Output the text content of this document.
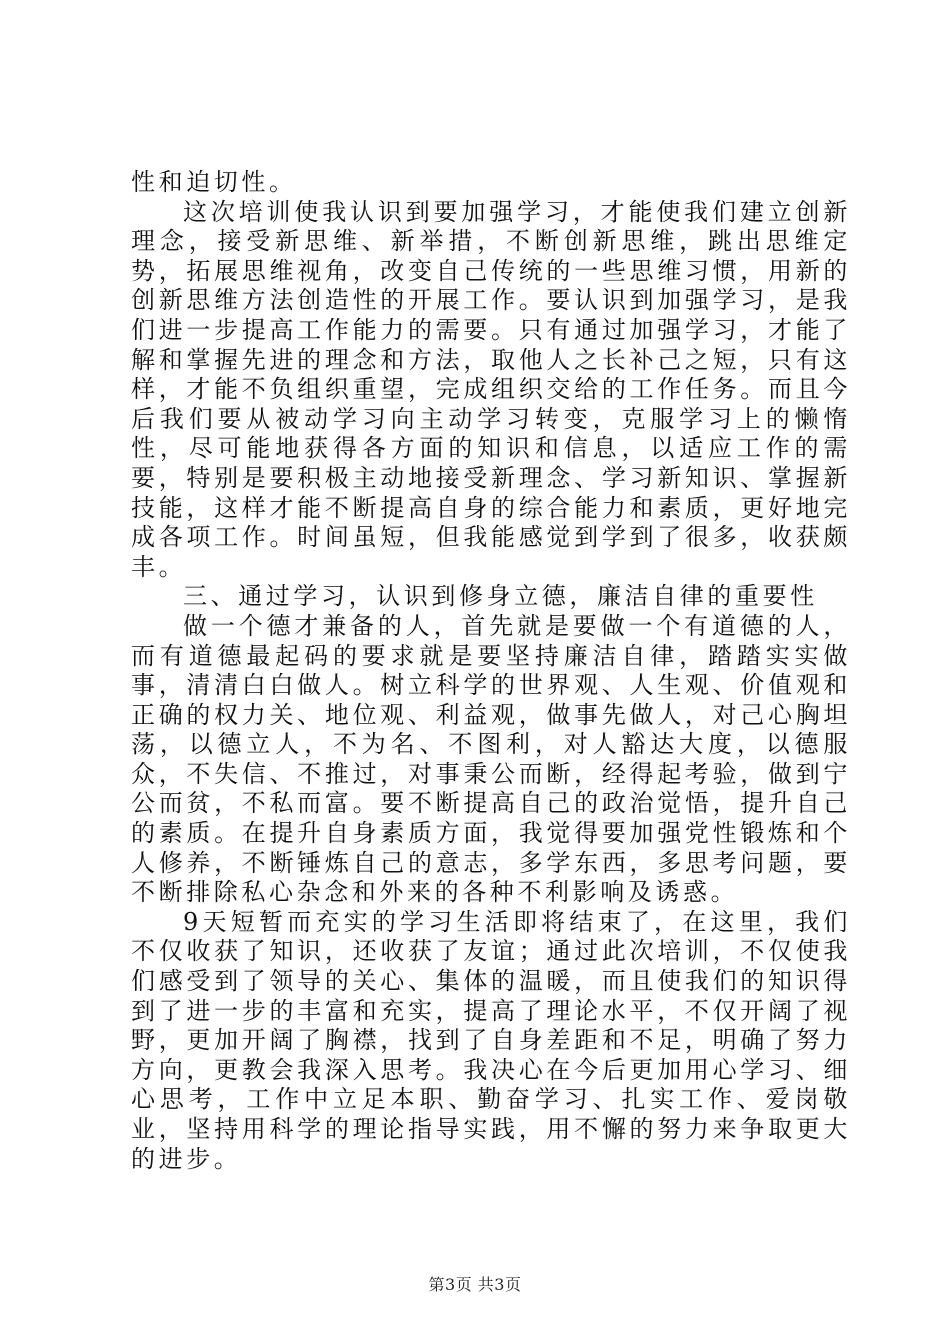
性和迫切性。

这次培训使我认识到要加强学习，才能使我们建立创新理念，接受新思维、新举措，不断创新思维，跳出思维定势，拓展思维视角，改变自己传统的一些思维习惯，用新的创新思维方法创造性的开展工作。要认识到加强学习，是我们进一步提高工作能力的需要。只有通过加强学习，才能了解和掌握先进的理念和方法，取他人之长补己之短，只有这样，才能不负组织重望，完成组织交给的工作任务。而且今后我们要从被动学习向主动学习转变，克服学习上的懒惰性，尽可能地获得各方面的知识和信息，以适应工作的需要，特别是要积极主动地接受新理念、学习新知识、掌握新技能，这样才能不断提高自身的综合能力和素质，更好地完成各项工作。时间虽短，但我能感觉到学到了很多，收获颇丰。

三、通过学习，认识到修身立德，廉洁自律的重要性

做一个德才兼备的人，首先就是要做一个有道德的人，而有道德最起码的要求就是要坚持廉洁自律，踏踏实实做事，清清白白做人。树立科学的世界观、人生观、价值观和正确的权力关、地位观、利益观，做事先做人，对己心胸坦荡，以德立人，不为名、不图利，对人豁达大度，以德服众，不失信、不推过，对事秉公而断，经得起考验，做到宁公而贫，不私而富。要不断提高自己的政治觉悟，提升自己的素质。在提升自身素质方面，我觉得要加强党性锻炼和个人修养，不断锤炼自己的意志，多学东西，多思考问题，要不断排除私心杂念和外来的各种不利影响及诱惑。

9天短暂而充实的学习生活即将结束了，在这里，我们不仅收获了知识，还收获了友谊；通过此次培训，不仅使我们感受到了领导的关心、集体的温暖，而且使我们的知识得到了进一步的丰富和充实，提高了理论水平，不仅开阔了视野，更加开阔了胸襟，找到了自身差距和不足，明确了努力方向，更教会我深入思考。我决心在今后更加用心学习、细心思考，工作中立足本职、勤奋学习、扎实工作、爱岗敬业，坚持用科学的理论指导实践，用不懈的努力来争取更大的进步。

第3页 共3页
